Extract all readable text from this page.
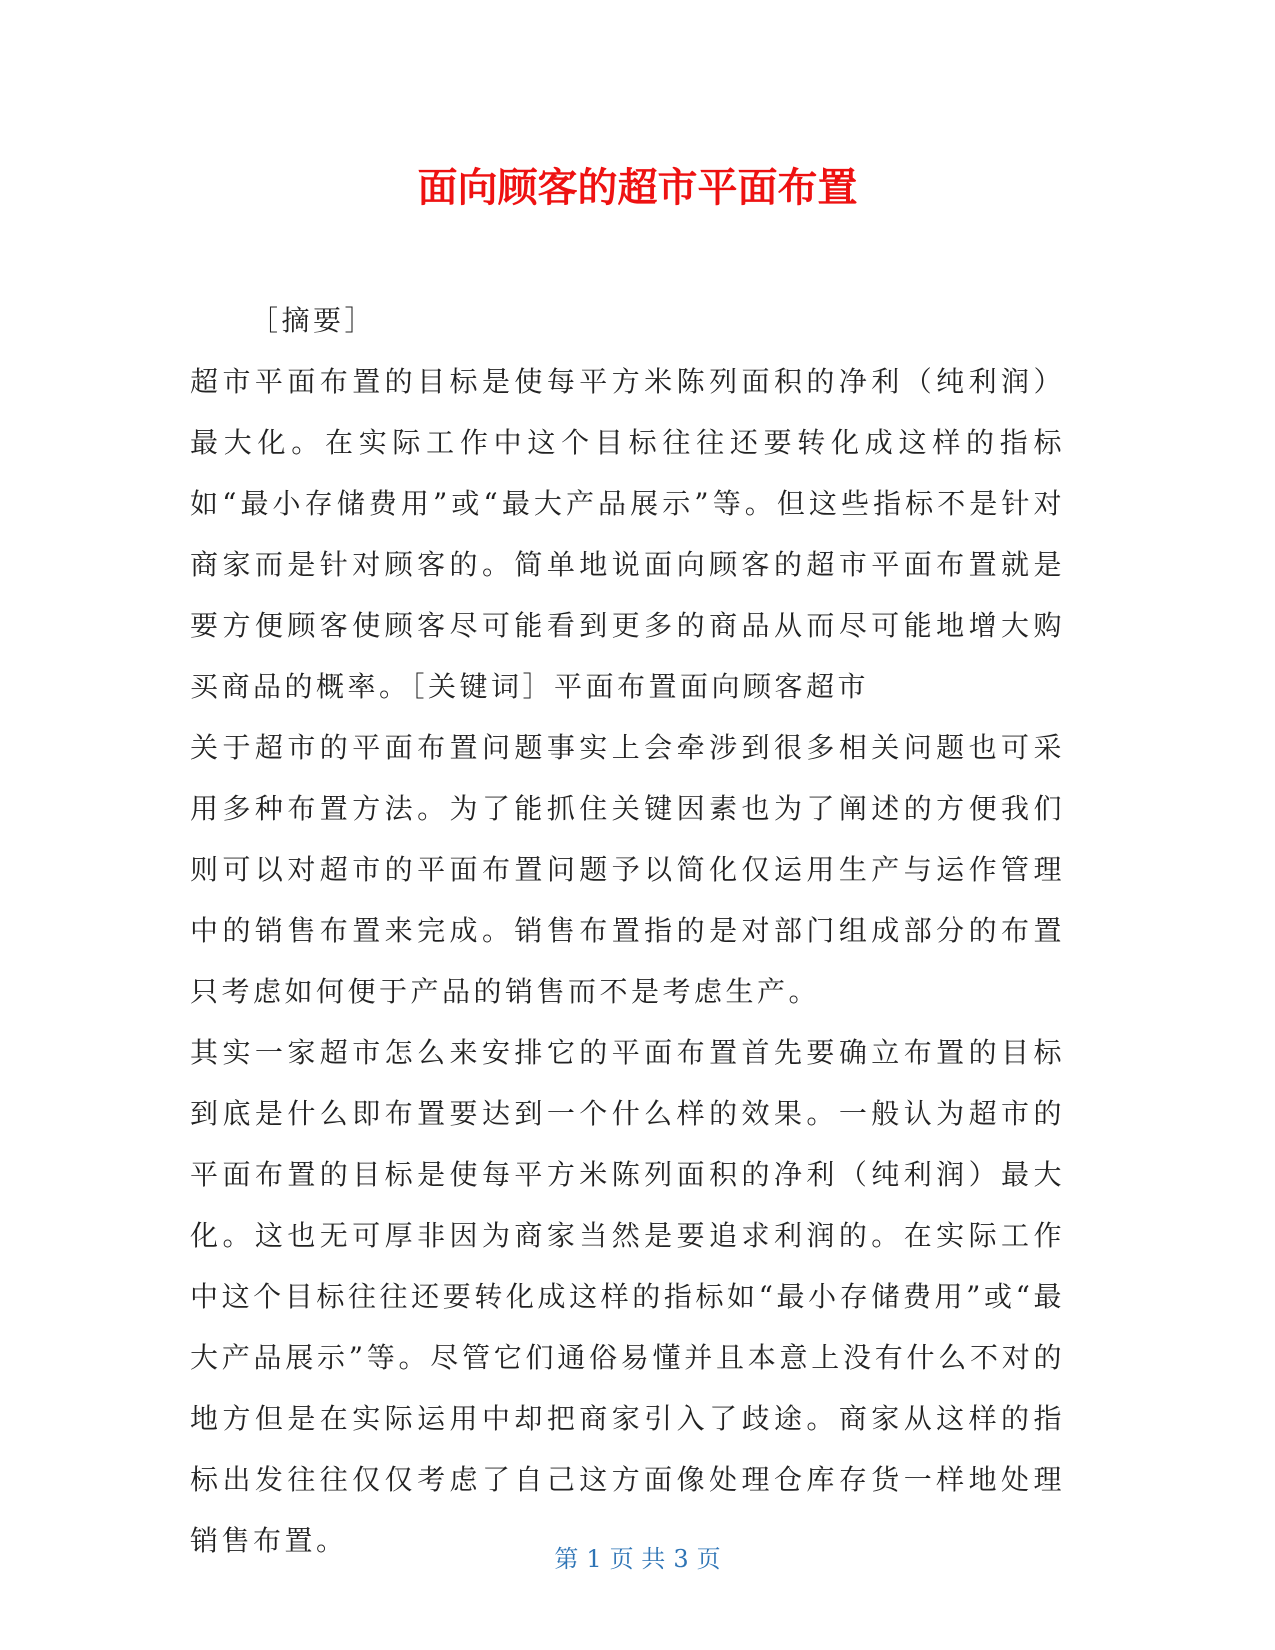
面向顾客的超市平面布置

［摘要］

超市平面布置的目标是使每平方米陈列面积的净利（纯利润）最大化。在实际工作中这个目标往往还要转化成这样的指标如“最小存储费用”或“最大产品展示”等。但这些指标不是针对商家而是针对顾客的。简单地说面向顾客的超市平面布置就是要方便顾客使顾客尽可能看到更多的商品从而尽可能地增大购买商品的概率。［关键词］平面布置面向顾客超市

关于超市的平面布置问题事实上会牵涉到很多相关问题也可采用多种布置方法。为了能抓住关键因素也为了阐述的方便我们则可以对超市的平面布置问题予以简化仅运用生产与运作管理中的销售布置来完成。销售布置指的是对部门组成部分的布置只考虑如何便于产品的销售而不是考虑生产。

其实一家超市怎么来安排它的平面布置首先要确立布置的目标到底是什么即布置要达到一个什么样的效果。一般认为超市的平面布置的目标是使每平方米陈列面积的净利（纯利润）最大化。这也无可厚非因为商家当然是要追求利润的。在实际工作中这个目标往往还要转化成这样的指标如“最小存储费用”或“最大产品展示”等。尽管它们通俗易懂并且本意上没有什么不对的地方但是在实际运用中却把商家引入了歧途。商家从这样的指标出发往往仅仅考虑了自己这方面像处理仓库存货一样地处理销售布置。

第 1 页 共 3 页
